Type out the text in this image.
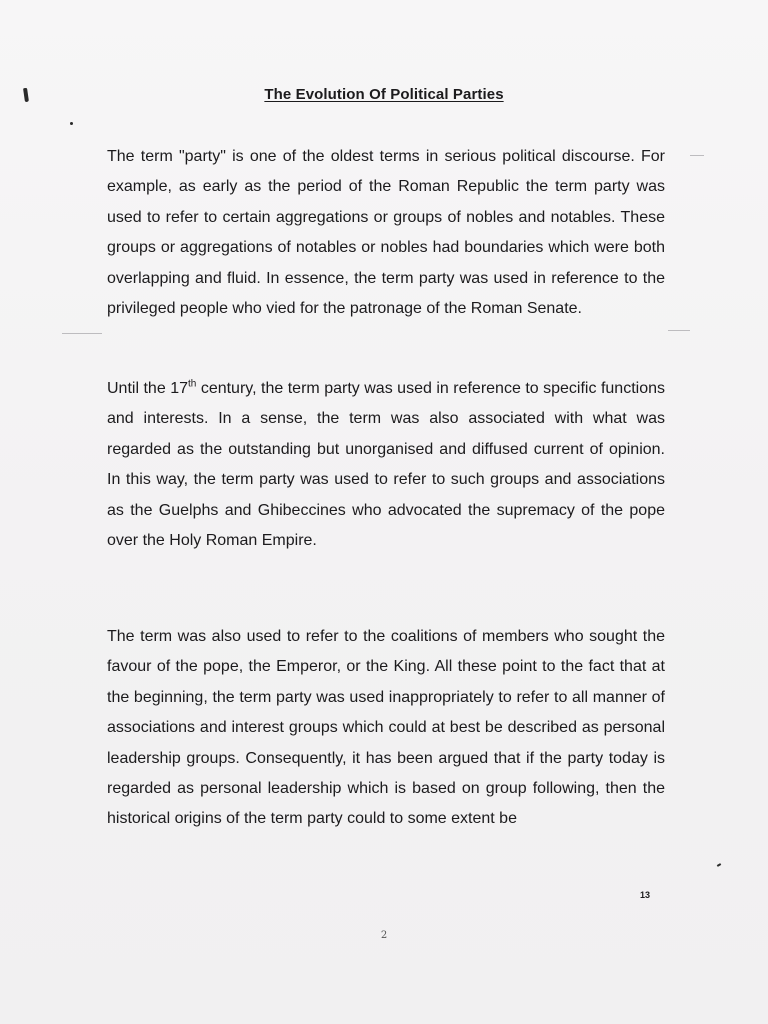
The Evolution Of Political Parties

The term "party" is one of the oldest terms in serious political discourse. For example, as early as the period of the Roman Republic the term party was used to refer to certain aggregations or groups of nobles and notables. These groups or aggregations of notables or nobles had boundaries which were both overlapping and fluid. In essence, the term party was used in reference to the privileged people who vied for the patronage of the Roman Senate.

Until the 17th century, the term party was used in reference to specific functions and interests. In a sense, the term was also associated with what was regarded as the outstanding but unorganised and diffused current of opinion. In this way, the term party was used to refer to such groups and associations as the Guelphs and Ghibeccines who advocated the supremacy of the pope over the Holy Roman Empire.

The term was also used to refer to the coalitions of members who sought the favour of the pope, the Emperor, or the King. All these point to the fact that at the beginning, the term party was used inappropriately to refer to all manner of associations and interest groups which could at best be described as personal leadership groups. Consequently, it has been argued that if the party today is regarded as personal leadership which is based on group following, then the historical origins of the term party could to some extent be

13
2
